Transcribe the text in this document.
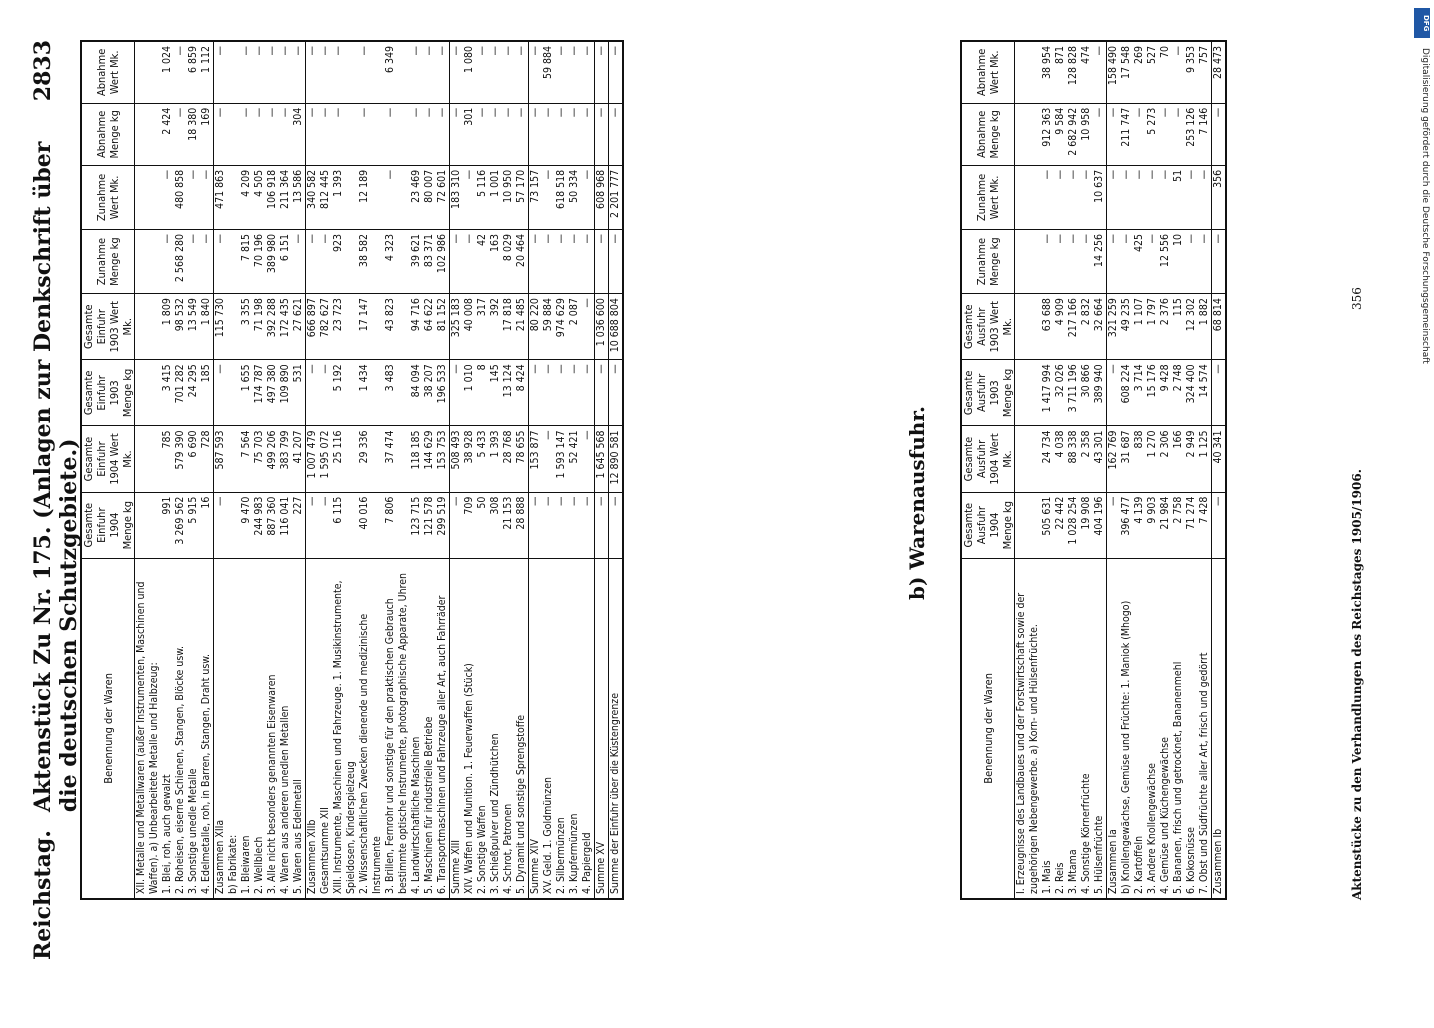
Reichstag.
Aktenstück Zu Nr. 175. (Anlagen zur Denkschrift über die deutschen Schutzgebiete.)
2833
Benennung der Waren	Gesamte Einfuhr 1904 Menge kg	Gesamte Einfuhr 1904 Wert Mk.	Gesamte Einfuhr 1903 Menge kg	Gesamte Einfuhr 1903 Wert Mk.	Zunahme Menge kg	Zunahme Wert Mk.	Abnahme Menge kg	Abnahme Wert Mk.
XII. Metalle und Metallwaren (außer Instrumenten, Maschinen und Waffen). a) Unbearbeitete Metalle und Halbzeug:								
1. Blei, roh, auch gewalzt	991	785	3 415	1 809	—	—	2 424	1 024
2. Roheisen, eiserne Schienen, Stangen, Blöcke usw.	3 269 562	579 390	701 282	98 532	2 568 280	480 858	—	—
3. Sonstige unedle Metalle	5 915	6 690	24 295	13 549	—	—	18 380	6 859
4. Edelmetalle, roh, in Barren, Stangen, Draht usw.	16	728	185	1 840	—	—	169	1 112
Zusammen XIIa	—	587 593	—	115 730	—	471 863	—	—
b) Fabrikate:								
1. Bleiwaren	9 470	7 564	1 655	3 355	7 815	4 209	—	—
2. Wellblech	244 983	75 703	174 787	71 198	70 196	4 505	—	—
3. Alle nicht besonders genannten Eisenwaren	887 360	499 206	497 380	392 288	389 980	106 918	—	—
4. Waren aus anderen unedlen Metallen	116 041	383 799	109 890	172 435	6 151	211 364	—	—
5. Waren aus Edelmetall	227	41 207	531	27 621	—	13 586	304	—
Zusammen XIIb	—	1 007 479	—	666 897	—	340 582	—	—
Gesamtsumme XII	—	1 595 072	—	782 627	—	812 445	—	—
XIII. Instrumente, Maschinen und Fahrzeuge. 1. Musikinstrumente, Spieldosen, Kinderspielzeug	6 115	25 116	5 192	23 723	923	1 393	—	—
2. Wissenschaftlichen Zwecken dienende und medizinische Instrumente	40 016	29 336	1 434	17 147	38 582	12 189	—	—
3. Brillen, Fernrohr und sonstige für den praktischen Gebrauch bestimmte optische Instrumente, photographische Apparate, Uhren	7 806	37 474	3 483	43 823	4 323	—	—	6 349
4. Landwirtschaftliche Maschinen	123 715	118 185	84 094	94 716	39 621	23 469	—	—
5. Maschinen für industrielle Betriebe	121 578	144 629	38 207	64 622	83 371	80 007	—	—
6. Transportmaschinen und Fahrzeuge aller Art, auch Fahrräder	299 519	153 753	196 533	81 152	102 986	72 601	—	—
Summe XIII	—	508 493	—	325 183	—	183 310	—	—
XIV. Waffen und Munition. 1. Feuerwaffen (Stück)	709	38 928	1 010	40 008	—	—	301	1 080
2. Sonstige Waffen	50	5 433	8	317	42	5 116	—	—
3. Schießpulver und Zündhütchen	308	1 393	145	392	163	1 001	—	—
4. Schrot, Patronen	21 153	28 768	13 124	17 818	8 029	10 950	—	—
5. Dynamit und sonstige Sprengstoffe	28 888	78 655	8 424	21 485	20 464	57 170	—	—
Summe XIV	—	153 877	—	80 220	—	73 157	—	—
XV. Geld. 1. Goldmünzen	—	—	—	59 884	—	—	—	59 884
2. Silbermünzen	—	1 593 147	—	974 629	—	618 518	—	—
3. Kupfermünzen	—	52 421	—	2 087	—	50 334	—	—
4. Papiergeld	—	—	—	—	—	—	—	—
Summe XV	—	1 645 568	—	1 036 600	—	608 968	—	—
Summe der Einfuhr über die Küstengrenze	—	12 890 581	—	10 688 804	—	2 201 777	—	—
b) Warenausfuhr.
Benennung der Waren	Gesamte Ausfuhr 1904 Menge kg	Gesamte Ausfuhr 1904 Wert Mk.	Gesamte Ausfuhr 1903 Menge kg	Gesamte Ausfuhr 1903 Wert Mk.	Zunahme Menge kg	Zunahme Wert Mk.	Abnahme Menge kg	Abnahme Wert Mk.
I. Erzeugnisse des Landbaues und der Forstwirtschaft sowie der zugehörigen Nebengewerbe. a) Korn- und Hülsenfrüchte.								
1. Mais	505 631	24 734	1 417 994	63 688	—	—	912 363	38 954
2. Reis	22 442	4 038	32 026	4 909	—	—	9 584	871
3. Mtama	1 028 254	88 338	3 711 196	217 166	—	—	2 682 942	128 828
4. Sonstige Körnerfrüchte	19 908	2 358	30 866	2 832	—	—	10 958	474
5. Hülsenfrüchte	404 196	43 301	389 940	32 664	14 256	10 637	—	—
Zusammen Ia	—	162 769	—	321 259	—	—	—	158 490
b) Knollengewächse, Gemüse und Früchte: 1. Maniok (Mhogo)	396 477	31 687	608 224	49 235	—	—	211 747	17 548
2. Kartoffeln	4 139	838	3 714	1 107	425	—	—	269
3. Andere Knollengewächse	9 903	1 270	15 176	1 797	—	—	5 273	527
4. Gemüse und Küchengewächse	21 984	2 306	9 428	2 376	12 556	—	—	70
5. Bananen, frisch und getrocknet, Bananenmehl	2 758	166	2 748	115	10	51	—	—
6. Kokosnüsse	71 274	2 949	324 400	12 302	—	—	253 126	9 353
7. Obst und Südfrüchte aller Art, frisch und gedörrt	7 428	1 125	14 574	1 882	—	—	7 146	757
Zusammen Ib	—	40 341	—	68 814	—	356	—	28 473
Aktenstücke zu den Verhandlungen des Reichstages 1905/1906.
356
DFG
Digitalisierung gefördert durch die Deutsche Forschungsgemeinschaft
